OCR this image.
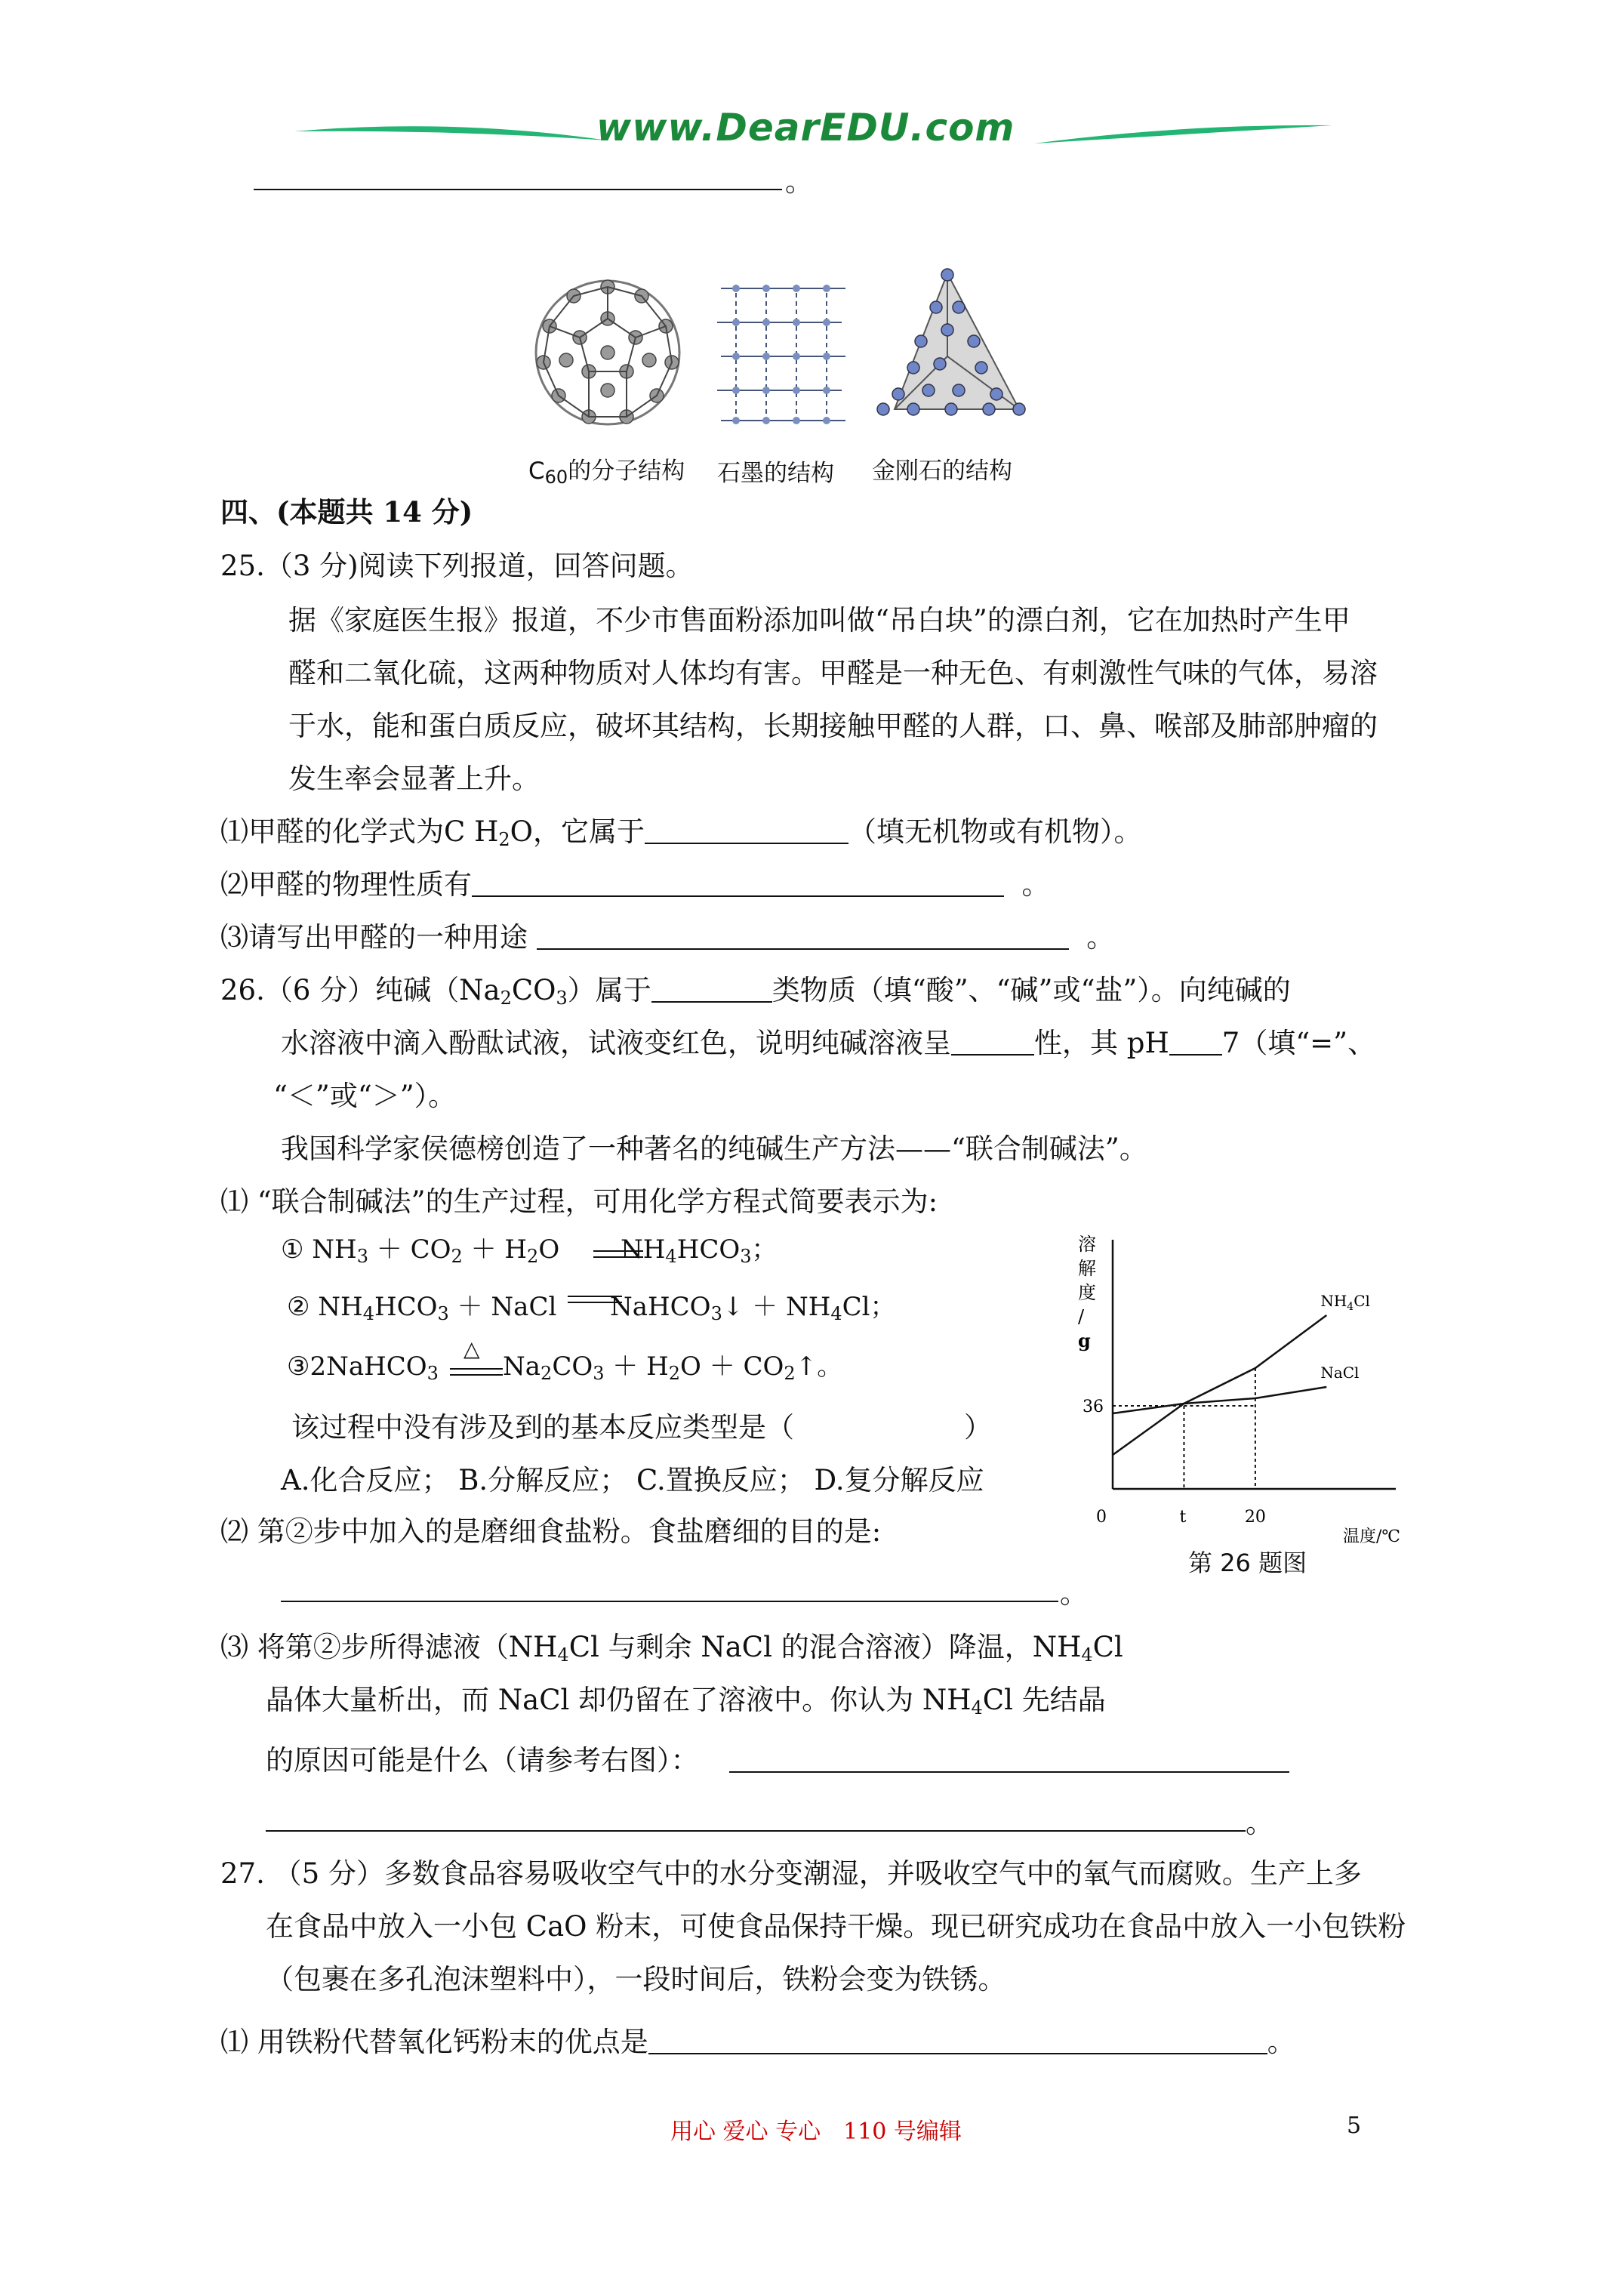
www.DearEDU.com
。
$C_{60}$的分子结构 石墨的结构 金刚石的结构
四、(本题共 14 分)
25.（3 分)阅读下列报道，回答问题。
据《家庭医生报》报道，不少市售面粉添加叫做“吊白块”的漂白剂，它在加热时产生甲
醛和二氧化硫，这两种物质对人体均有害。甲醛是一种无色、有刺激性气味的气体，易溶
于水，能和蛋白质反应，破坏其结构，长期接触甲醛的人群，口、鼻、喉部及肺部肿瘤的
发生率会显著上升。
⑴甲醛的化学式为C $H_2O$，它属于	（填无机物或有机物）。
⑵甲醛的物理性质有	。
⑶请写出甲醛的一种用途	。
26.（6 分）纯碱$(Na_2CO_3)$属于	类物质（填“酸”、“碱”或“盐”）。向纯碱的
水溶液中滴入酚酞试液，试液变红色，说明纯碱溶液呈	性，其 pH 7（填“=”、
“＜”或“＞”）。
我国科学家侯德榜创造了一种著名的纯碱生产方法——“联合制碱法”。
⑴ “联合制碱法”的生产过程，可用化学方程式简要表示为:
① $NH_3 + CO_2 + H_2O$ $NH_4HCO_3$；
② $NH_4HCO_3$ ＋ NaCl NaHCO$_3$↓ ＋ $NH_4Cl$；
③2NaHCO$_3$
△
$Na_2CO_3 + H_2O$ ＋ $CO_2↑$。
该过程中没有涉及到的基本反应类型是（	）
A.化合反应； B.分解反应； C.置换反应； D.复分解反应
⑵ 第②步中加入的是磨细食盐粉。食盐磨细的目的是:
。
⑶ 将第②步所得滤液（$NH_4Cl$ 与剩余 NaCl 的混合溶液）降温，$NH_4Cl$
晶体大量析出，而 NaCl 却仍留在了溶液中。你认为 $NH_4Cl$ 先结晶
的原因可能是什么（请参考右图）：
。
溶
解
度
/
g
温度/℃
0
$NH_4Cl$
NaCl
36
t	20
第 26 题图
27. （5 分）多数食品容易吸收空气中的水分变潮湿，并吸收空气中的氧气而腐败。生产上多
在食品中放入一小包 CaO 粉末，可使食品保持干燥。现已研究成功在食品中放入一小包铁粉
（包裹在多孔泡沫塑料中），一段时间后，铁粉会变为铁锈。
⑴ 用铁粉代替氧化钙粉末的优点是	。
用心 爱心 专心　110 号编辑	5
